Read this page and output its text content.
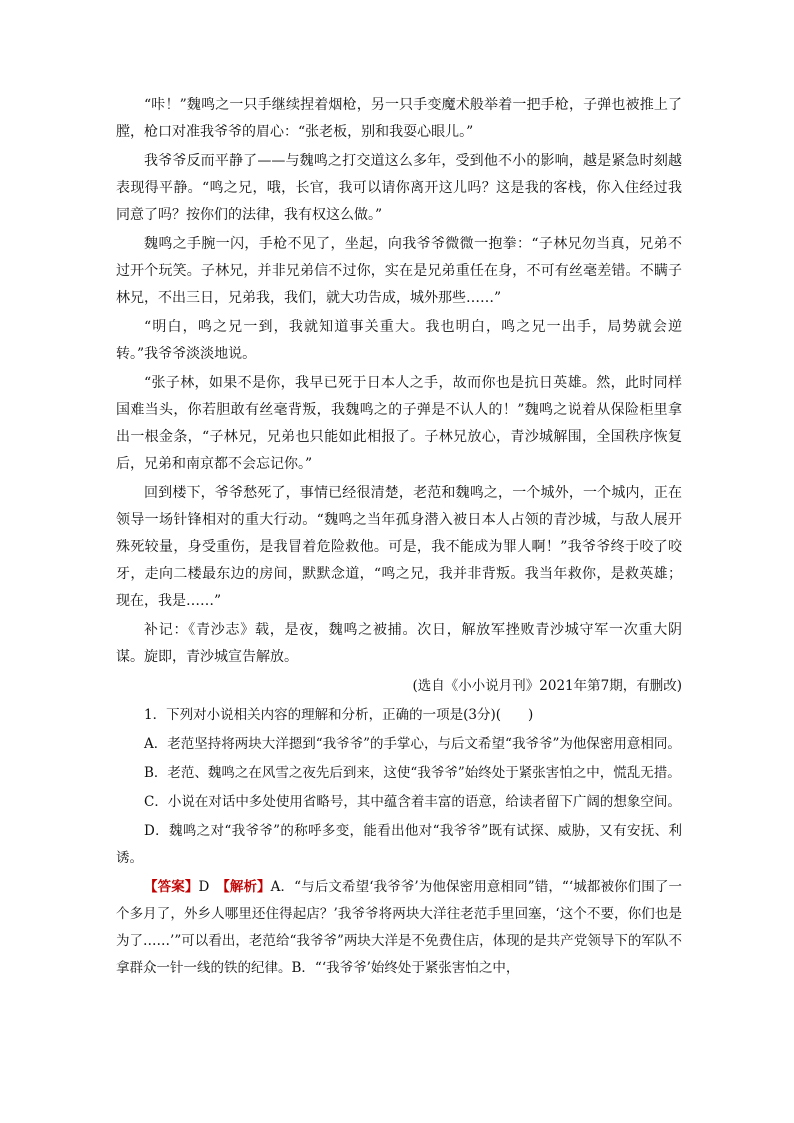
“咔！”魏鸣之一只手继续捏着烟枪，另一只手变魔术般举着一把手枪，子弹也被推上了膛，枪口对准我爷爷的眉心：“张老板，别和我耍心眼儿。”

我爷爷反而平静了——与魏鸣之打交道这么多年，受到他不小的影响，越是紧急时刻越表现得平静。“鸣之兄，哦，长官，我可以请你离开这儿吗？这是我的客栈，你入住经过我同意了吗？按你们的法律，我有权这么做。”

魏鸣之手腕一闪，手枪不见了，坐起，向我爷爷微微一抱拳：“子林兄勿当真，兄弟不过开个玩笑。子林兄，并非兄弟信不过你，实在是兄弟重任在身，不可有丝毫差错。不瞒子林兄，不出三日，兄弟我，我们，就大功告成，城外那些……”

“明白，鸣之兄一到，我就知道事关重大。我也明白，鸣之兄一出手，局势就会逆转。”我爷爷淡淡地说。

“张子林，如果不是你，我早已死于日本人之手，故而你也是抗日英雄。然，此时同样国难当头，你若胆敢有丝毫背叛，我魏鸣之的子弹是不认人的！”魏鸣之说着从保险柜里拿出一根金条，“子林兄，兄弟也只能如此相报了。子林兄放心，青沙城解围，全国秩序恢复后，兄弟和南京都不会忘记你。”

回到楼下，爷爷愁死了，事情已经很清楚，老范和魏鸣之，一个城外，一个城内，正在领导一场针锋相对的重大行动。“魏鸣之当年孤身潜入被日本人占领的青沙城，与敌人展开殊死较量，身受重伤，是我冒着危险救他。可是，我不能成为罪人啊！”我爷爷终于咬了咬牙，走向二楼最东边的房间，默默念道，“鸣之兄，我并非背叛。我当年救你，是救英雄；现在，我是……”

补记：《青沙志》载，是夜，魏鸣之被捕。次日，解放军挫败青沙城守军一次重大阴谋。旋即，青沙城宣告解放。

(选自《小小说月刊》2021年第7期，有删改)

1．下列对小说相关内容的理解和分析，正确的一项是(3分)(　　)

A．老范坚持将两块大洋摁到“我爷爷”的手掌心，与后文希望“我爷爷”为他保密用意相同。

B．老范、魏鸣之在风雪之夜先后到来，这使“我爷爷”始终处于紧张害怕之中，慌乱无措。

C．小说在对话中多处使用省略号，其中蕴含着丰富的语意，给读者留下广阔的想象空间。

D．魏鸣之对“我爷爷”的称呼多变，能看出他对“我爷爷”既有试探、威胁，又有安抚、利诱。

【答案】D　 【解析】A．“与后文希望‘我爷爷’为他保密用意相同”错，“‘城都被你们围了一个多月了，外乡人哪里还住得起店？’我爷爷将两块大洋往老范手里回塞，‘这个不要，你们也是为了……’”可以看出，老范给“我爷爷”两块大洋是不免费住店，体现的是共产党领导下的军队不拿群众一针一线的铁的纪律。B．“‘我爷爷’始终处于紧张害怕之中，
